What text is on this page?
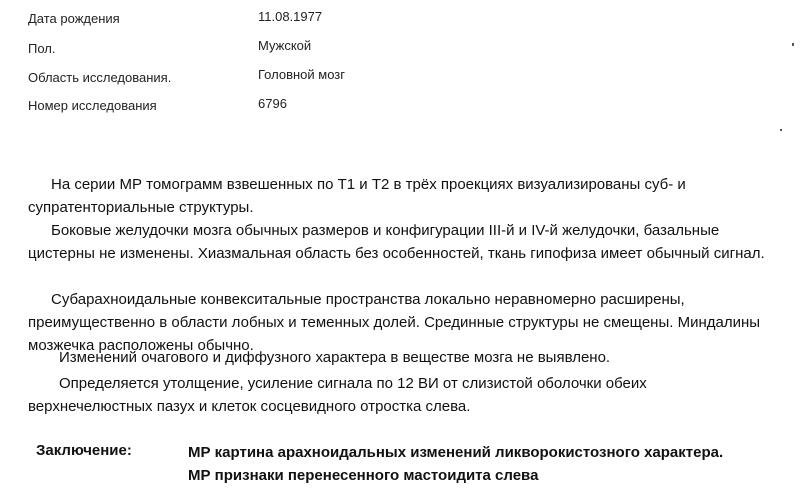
Дата рождения	11.08.1977
Пол.	Мужской
Область исследования.	Головной мозг
Номер исследования	6796
На серии МР томограмм взвешенных по Т1 и Т2 в трёх проекциях визуализированы суб- и супратенториальные структуры.
Боковые желудочки мозга обычных размеров и конфигурации III-й и IV-й желудочки, базальные цистерны не изменены. Хиазмальная область без особенностей, ткань гипофиза имеет обычный сигнал.
Субарахноидальные конвекситальные пространства локально неравномерно расширены, преимущественно в области лобных и теменных долей. Срединные структуры не смещены. Миндалины мозжечка расположены обычно.
Изменений очагового и диффузного характера в веществе мозга не выявлено.
Определяется утолщение, усиление сигнала по 12 ВИ от слизистой оболочки обеих верхнечелюстных пазух и клеток сосцевидного отростка слева.
Заключение:	МР картина арахноидальных изменений ликворокистозного характера. МР признаки перенесенного мастоидита слева
